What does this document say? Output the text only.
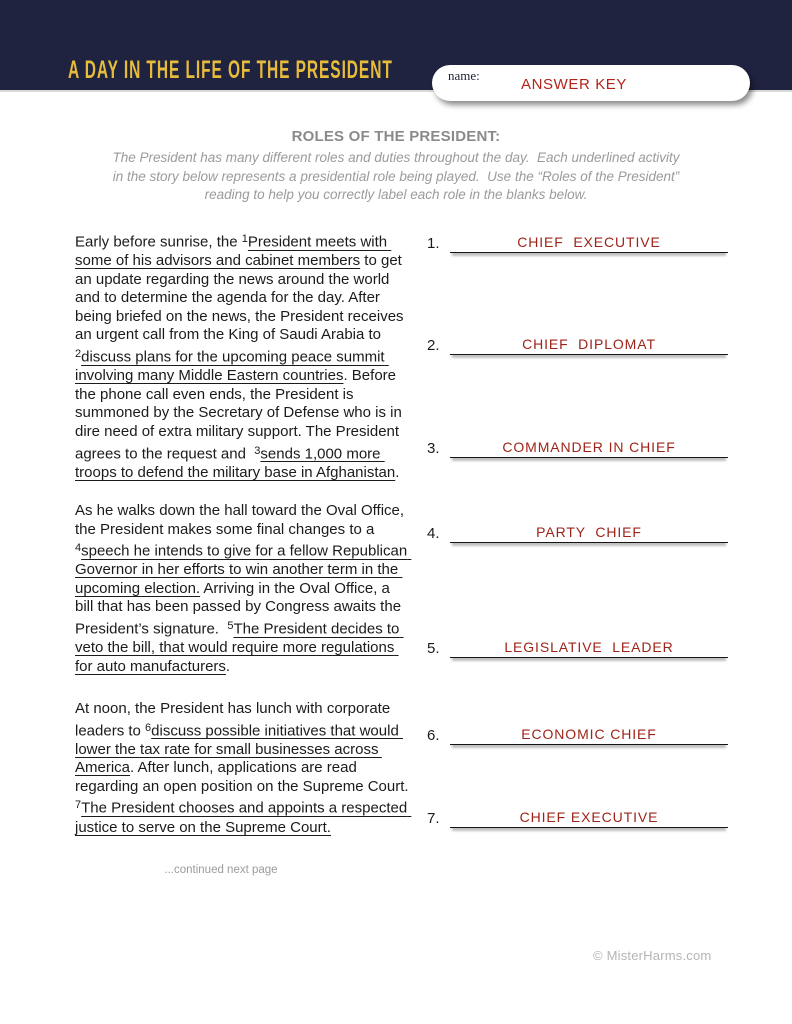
A DAY IN THE LIFE OF THE PRESIDENT	name:
ANSWER KEY
ROLES OF THE PRESIDENT:
The President has many different roles and duties throughout the day.  Each underlined activity
in the story below represents a presidential role being played.  Use the “Roles of the President”
reading to help you correctly label each role in the blanks below.

Early before sunrise, the $^1$President meets with some of his advisors and cabinet members to get an update regarding the news around the world and to determine the agenda for the day. After being briefed on the news, the President receives an urgent call from the King of Saudi Arabia to $^2$discuss plans for the upcoming peace summit involving many Middle Eastern countries. Before the phone call even ends, the President is summoned by the Secretary of Defense who is in dire need of extra military support. The President agrees to the request and  $^3$sends 1,000 more troops to defend the military base in Afghanistan.

As he walks down the hall toward the Oval Office, the President makes some final changes to a $^4$speech he intends to give for a fellow Republican Governor in her efforts to win another term in the upcoming election. Arriving in the Oval Office, a bill that has been passed by Congress awaits the President’s signature.  $^5$The President decides to veto the bill, that would require more regulations for auto manufacturers.

At noon, the President has lunch with corporate leaders to $^6$discuss possible initiatives that would lower the tax rate for small businesses across America. After lunch, applications are read regarding an open position on the Supreme Court.  $^7$The President chooses and appoints a respected justice to serve on the Supreme Court.

...continued next page
1.	CHIEF  EXECUTIVE
2.	CHIEF  DIPLOMAT
3.	COMMANDER IN CHIEF
4.	PARTY  CHIEF
5.	LEGISLATIVE  LEADER
6.	ECONOMIC CHIEF
7.	CHIEF EXECUTIVE
© MisterHarms.com
